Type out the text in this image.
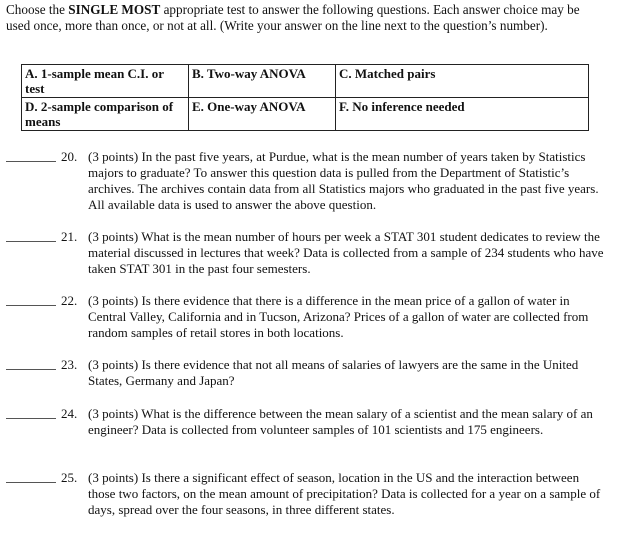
Choose the SINGLE MOST appropriate test to answer the following questions. Each answer choice may be used once, more than once, or not at all. (Write your answer on the line next to the question’s number).
A. 1-sample mean C.I. or test	B. Two-way ANOVA	C. Matched pairs
D. 2-sample comparison of means	E. One-way ANOVA	F. No inference needed
20. (3 points) In the past five years, at Purdue, what is the mean number of years taken by Statistics majors to graduate? To answer this question data is pulled from the Department of Statistic’s archives. The archives contain data from all Statistics majors who graduated in the past five years. All available data is used to answer the above question.
21. (3 points) What is the mean number of hours per week a STAT 301 student dedicates to review the material discussed in lectures that week? Data is collected from a sample of 234 students who have taken STAT 301 in the past four semesters.
22. (3 points) Is there evidence that there is a difference in the mean price of a gallon of water in Central Valley, California and in Tucson, Arizona? Prices of a gallon of water are collected from random samples of retail stores in both locations.
23. (3 points) Is there evidence that not all means of salaries of lawyers are the same in the United States, Germany and Japan?
24. (3 points) What is the difference between the mean salary of a scientist and the mean salary of an engineer? Data is collected from volunteer samples of 101 scientists and 175 engineers.
25. (3 points) Is there a significant effect of season, location in the US and the interaction between those two factors, on the mean amount of precipitation? Data is collected for a year on a sample of days, spread over the four seasons, in three different states.
